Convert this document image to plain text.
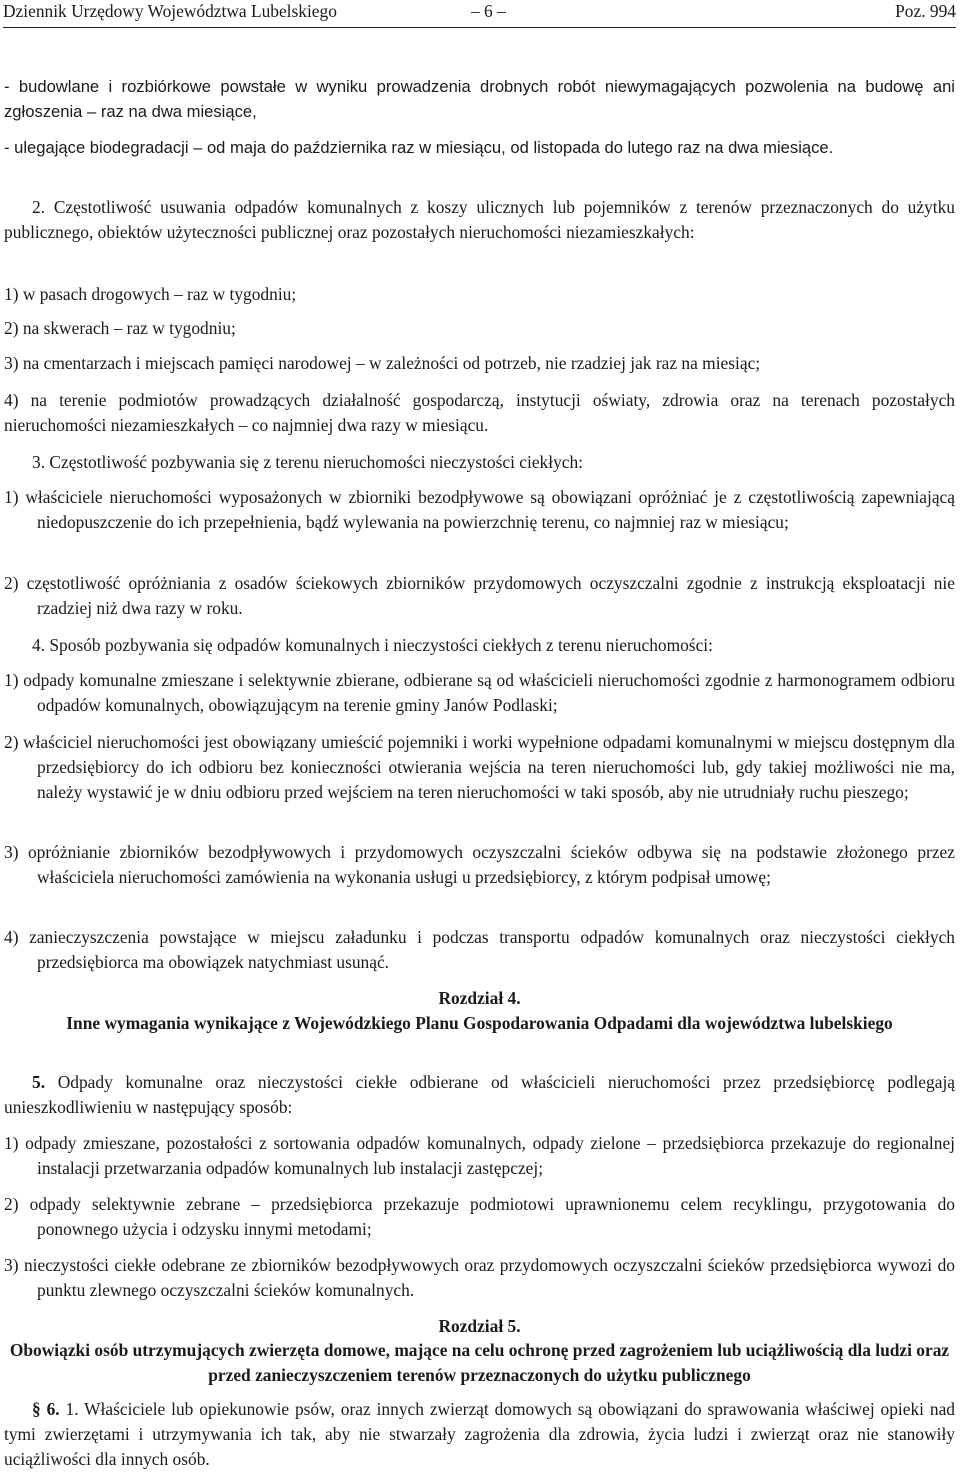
Dziennik Urzędowy Województwa Lubelskiego	– 6 –	Poz. 994

- budowlane i rozbiórkowe powstałe w wyniku prowadzenia drobnych robót niewymagających pozwolenia na budowę ani zgłoszenia – raz na dwa miesiące,

- ulegające biodegradacji – od maja do października raz w miesiącu, od listopada do lutego raz na dwa miesiące.

2. Częstotliwość usuwania odpadów komunalnych z koszy ulicznych lub pojemników z terenów przeznaczonych do użytku publicznego, obiektów użyteczności publicznej oraz pozostałych nieruchomości niezamieszkałych:

1) w pasach drogowych – raz w tygodniu;

2) na skwerach – raz w tygodniu;

3) na cmentarzach i miejscach pamięci narodowej – w zależności od potrzeb, nie rzadziej jak raz na miesiąc;

4) na terenie podmiotów prowadzących działalność gospodarczą, instytucji oświaty, zdrowia oraz na terenach pozostałych nieruchomości niezamieszkałych – co najmniej dwa razy w miesiącu.

3. Częstotliwość pozbywania się z terenu nieruchomości nieczystości ciekłych:

1) właściciele nieruchomości wyposażonych w zbiorniki bezodpływowe są obowiązani opróżniać je z częstotliwością zapewniającą niedopuszczenie do ich przepełnienia, bądź wylewania na powierzchnię terenu, co najmniej raz w miesiącu;

2) częstotliwość opróżniania z osadów ściekowych zbiorników przydomowych oczyszczalni zgodnie z instrukcją eksploatacji nie rzadziej niż dwa razy w roku.

4. Sposób pozbywania się odpadów komunalnych i nieczystości ciekłych z terenu nieruchomości:

1) odpady komunalne zmieszane i selektywnie zbierane, odbierane są od właścicieli nieruchomości zgodnie z harmonogramem odbioru odpadów komunalnych, obowiązującym na terenie gminy Janów Podlaski;

2) właściciel nieruchomości jest obowiązany umieścić pojemniki i worki wypełnione odpadami komunalnymi w miejscu dostępnym dla przedsiębiorcy do ich odbioru bez konieczności otwierania wejścia na teren nieruchomości lub, gdy takiej możliwości nie ma, należy wystawić je w dniu odbioru przed wejściem na teren nieruchomości w taki sposób, aby nie utrudniały ruchu pieszego;

3) opróżnianie zbiorników bezodpływowych i przydomowych oczyszczalni ścieków odbywa się na podstawie złożonego przez właściciela nieruchomości zamówienia na wykonania usługi u przedsiębiorcy, z którym podpisał umowę;

4) zanieczyszczenia powstające w miejscu załadunku i podczas transportu odpadów komunalnych oraz nieczystości ciekłych przedsiębiorca ma obowiązek natychmiast usunąć.

Rozdział 4.

Inne wymagania wynikające z Wojewódzkiego Planu Gospodarowania Odpadami dla województwa lubelskiego

5. Odpady komunalne oraz nieczystości ciekłe odbierane od właścicieli nieruchomości przez przedsiębiorcę podlegają unieszkodliwieniu w następujący sposób:

1) odpady zmieszane, pozostałości z sortowania odpadów komunalnych, odpady zielone – przedsiębiorca przekazuje do regionalnej instalacji przetwarzania odpadów komunalnych lub instalacji zastępczej;

2) odpady selektywnie zebrane – przedsiębiorca przekazuje podmiotowi uprawnionemu celem recyklingu, przygotowania do ponownego użycia i odzysku innymi metodami;

3) nieczystości ciekłe odebrane ze zbiorników bezodpływowych oraz przydomowych oczyszczalni ścieków przedsiębiorca wywozi do punktu zlewnego oczyszczalni ścieków komunalnych.

Rozdział 5.

Obowiązki osób utrzymujących zwierzęta domowe, mające na celu ochronę przed zagrożeniem lub uciążliwością dla ludzi oraz przed zanieczyszczeniem terenów przeznaczonych do użytku publicznego

§ 6. 1. Właściciele lub opiekunowie psów, oraz innych zwierząt domowych są obowiązani do sprawowania właściwej opieki nad tymi zwierzętami i utrzymywania ich tak, aby nie stwarzały zagrożenia dla zdrowia, życia ludzi i zwierząt oraz nie stanowiły uciążliwości dla innych osób.
